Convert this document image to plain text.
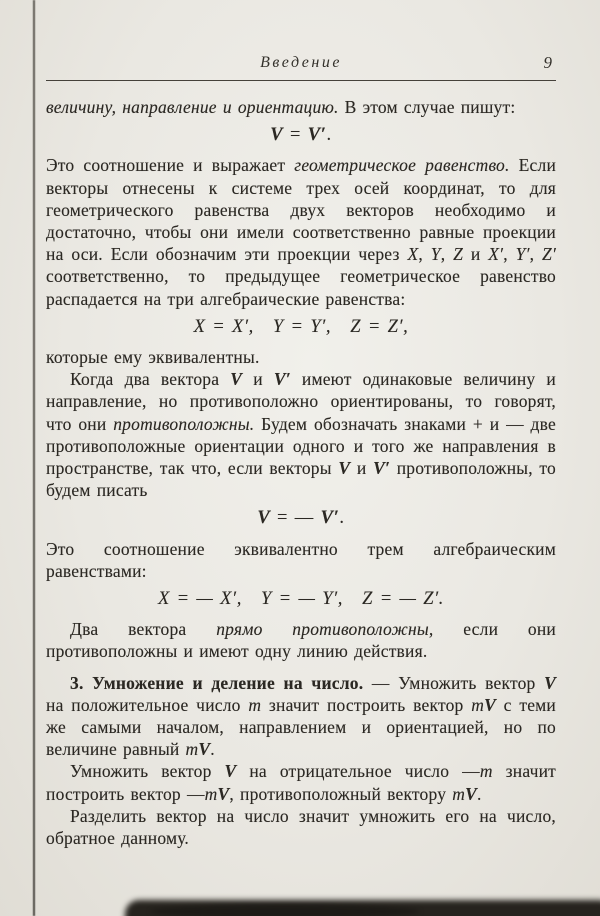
Введение	9

величину, направление и ориентацию. В этом случае пишут:

V = V′.

Это соотношение и выражает геометрическое равенство. Если векторы отнесены к системе трех осей координат, то для геометрического равенства двух векторов необходимо и достаточно, чтобы они имели соответственно равные проекции на оси. Если обозначим эти проекции через X, Y, Z и X′, Y′, Z′ соответственно, то предыдущее геометрическое равенство распадается на три алгебраические равенства:

X = X′, Y = Y′, Z = Z′,

которые ему эквивалентны.

Когда два вектора V и V′ имеют одинаковые величину и направление, но противоположно ориентированы, то говорят, что они противоположны. Будем обозначать знаками + и — две противоположные ориентации одного и того же направления в пространстве, так что, если векторы V и V′ противоположны, то будем писать

V = — V′.

Это соотношение эквивалентно трем алгебраическим равенствами:

X = — X′, Y = — Y′, Z = — Z′.

Два вектора прямо противоположны, если они противоположны и имеют одну линию действия.

3. Умножение и деление на число. — Умножить вектор V на положительное число m значит построить вектор mV с теми же самыми началом, направлением и ориентацией, но по величине равный mV.

Умножить вектор V на отрицательное число —m значит построить вектор —mV, противоположный вектору mV.

Разделить вектор на число значит умножить его на число, обратное данному.
